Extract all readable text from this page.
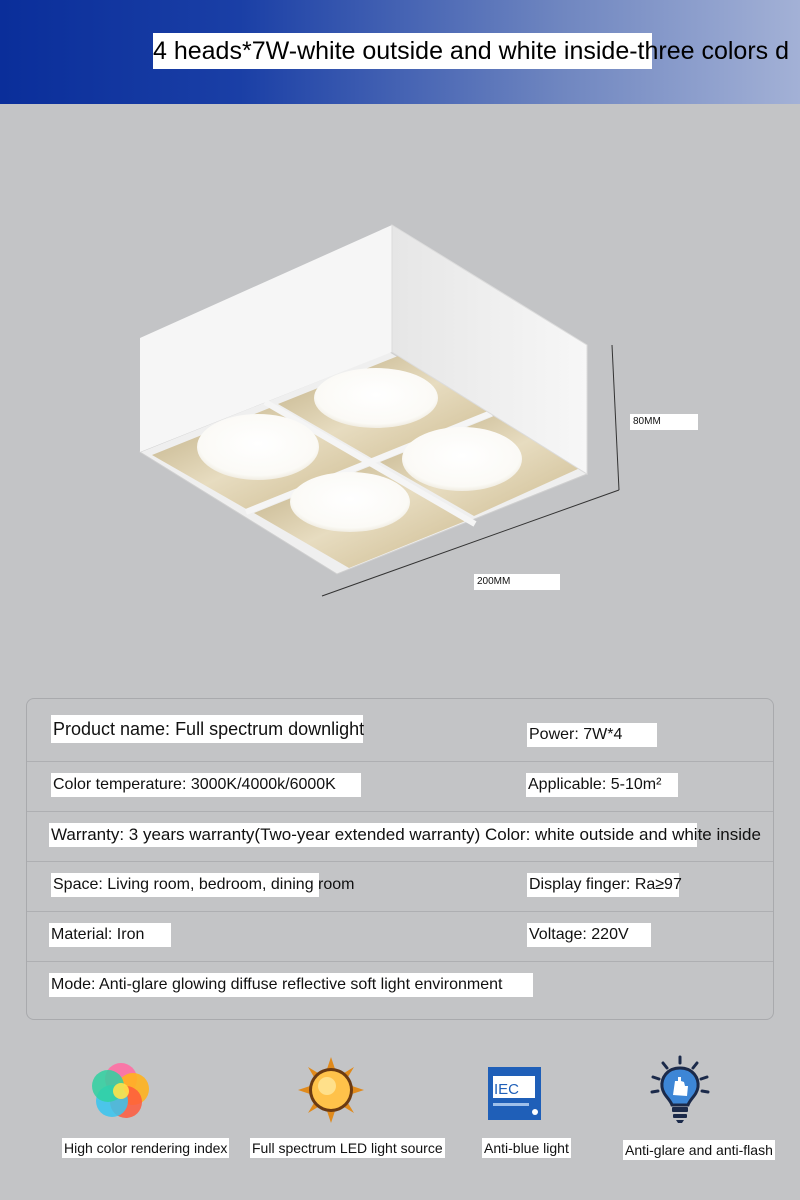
4 heads*7W-white outside and white inside-three colors d
80MM
200MM
Product name: Full spectrum downlight	Power: 7W*4
Color temperature: 3000K/4000k/6000K	Applicable: 5-10m²
Warranty: 3 years warranty(Two-year extended warranty) Color: white outside and white inside
Space: Living room, bedroom, dining room	Display finger: Ra≥97
Material: Iron	Voltage: 220V
Mode: Anti-glare glowing diffuse reflective soft light environment
High color rendering index Full spectrum LED light source
IEC
Anti-blue light	Anti-glare and anti-flash
